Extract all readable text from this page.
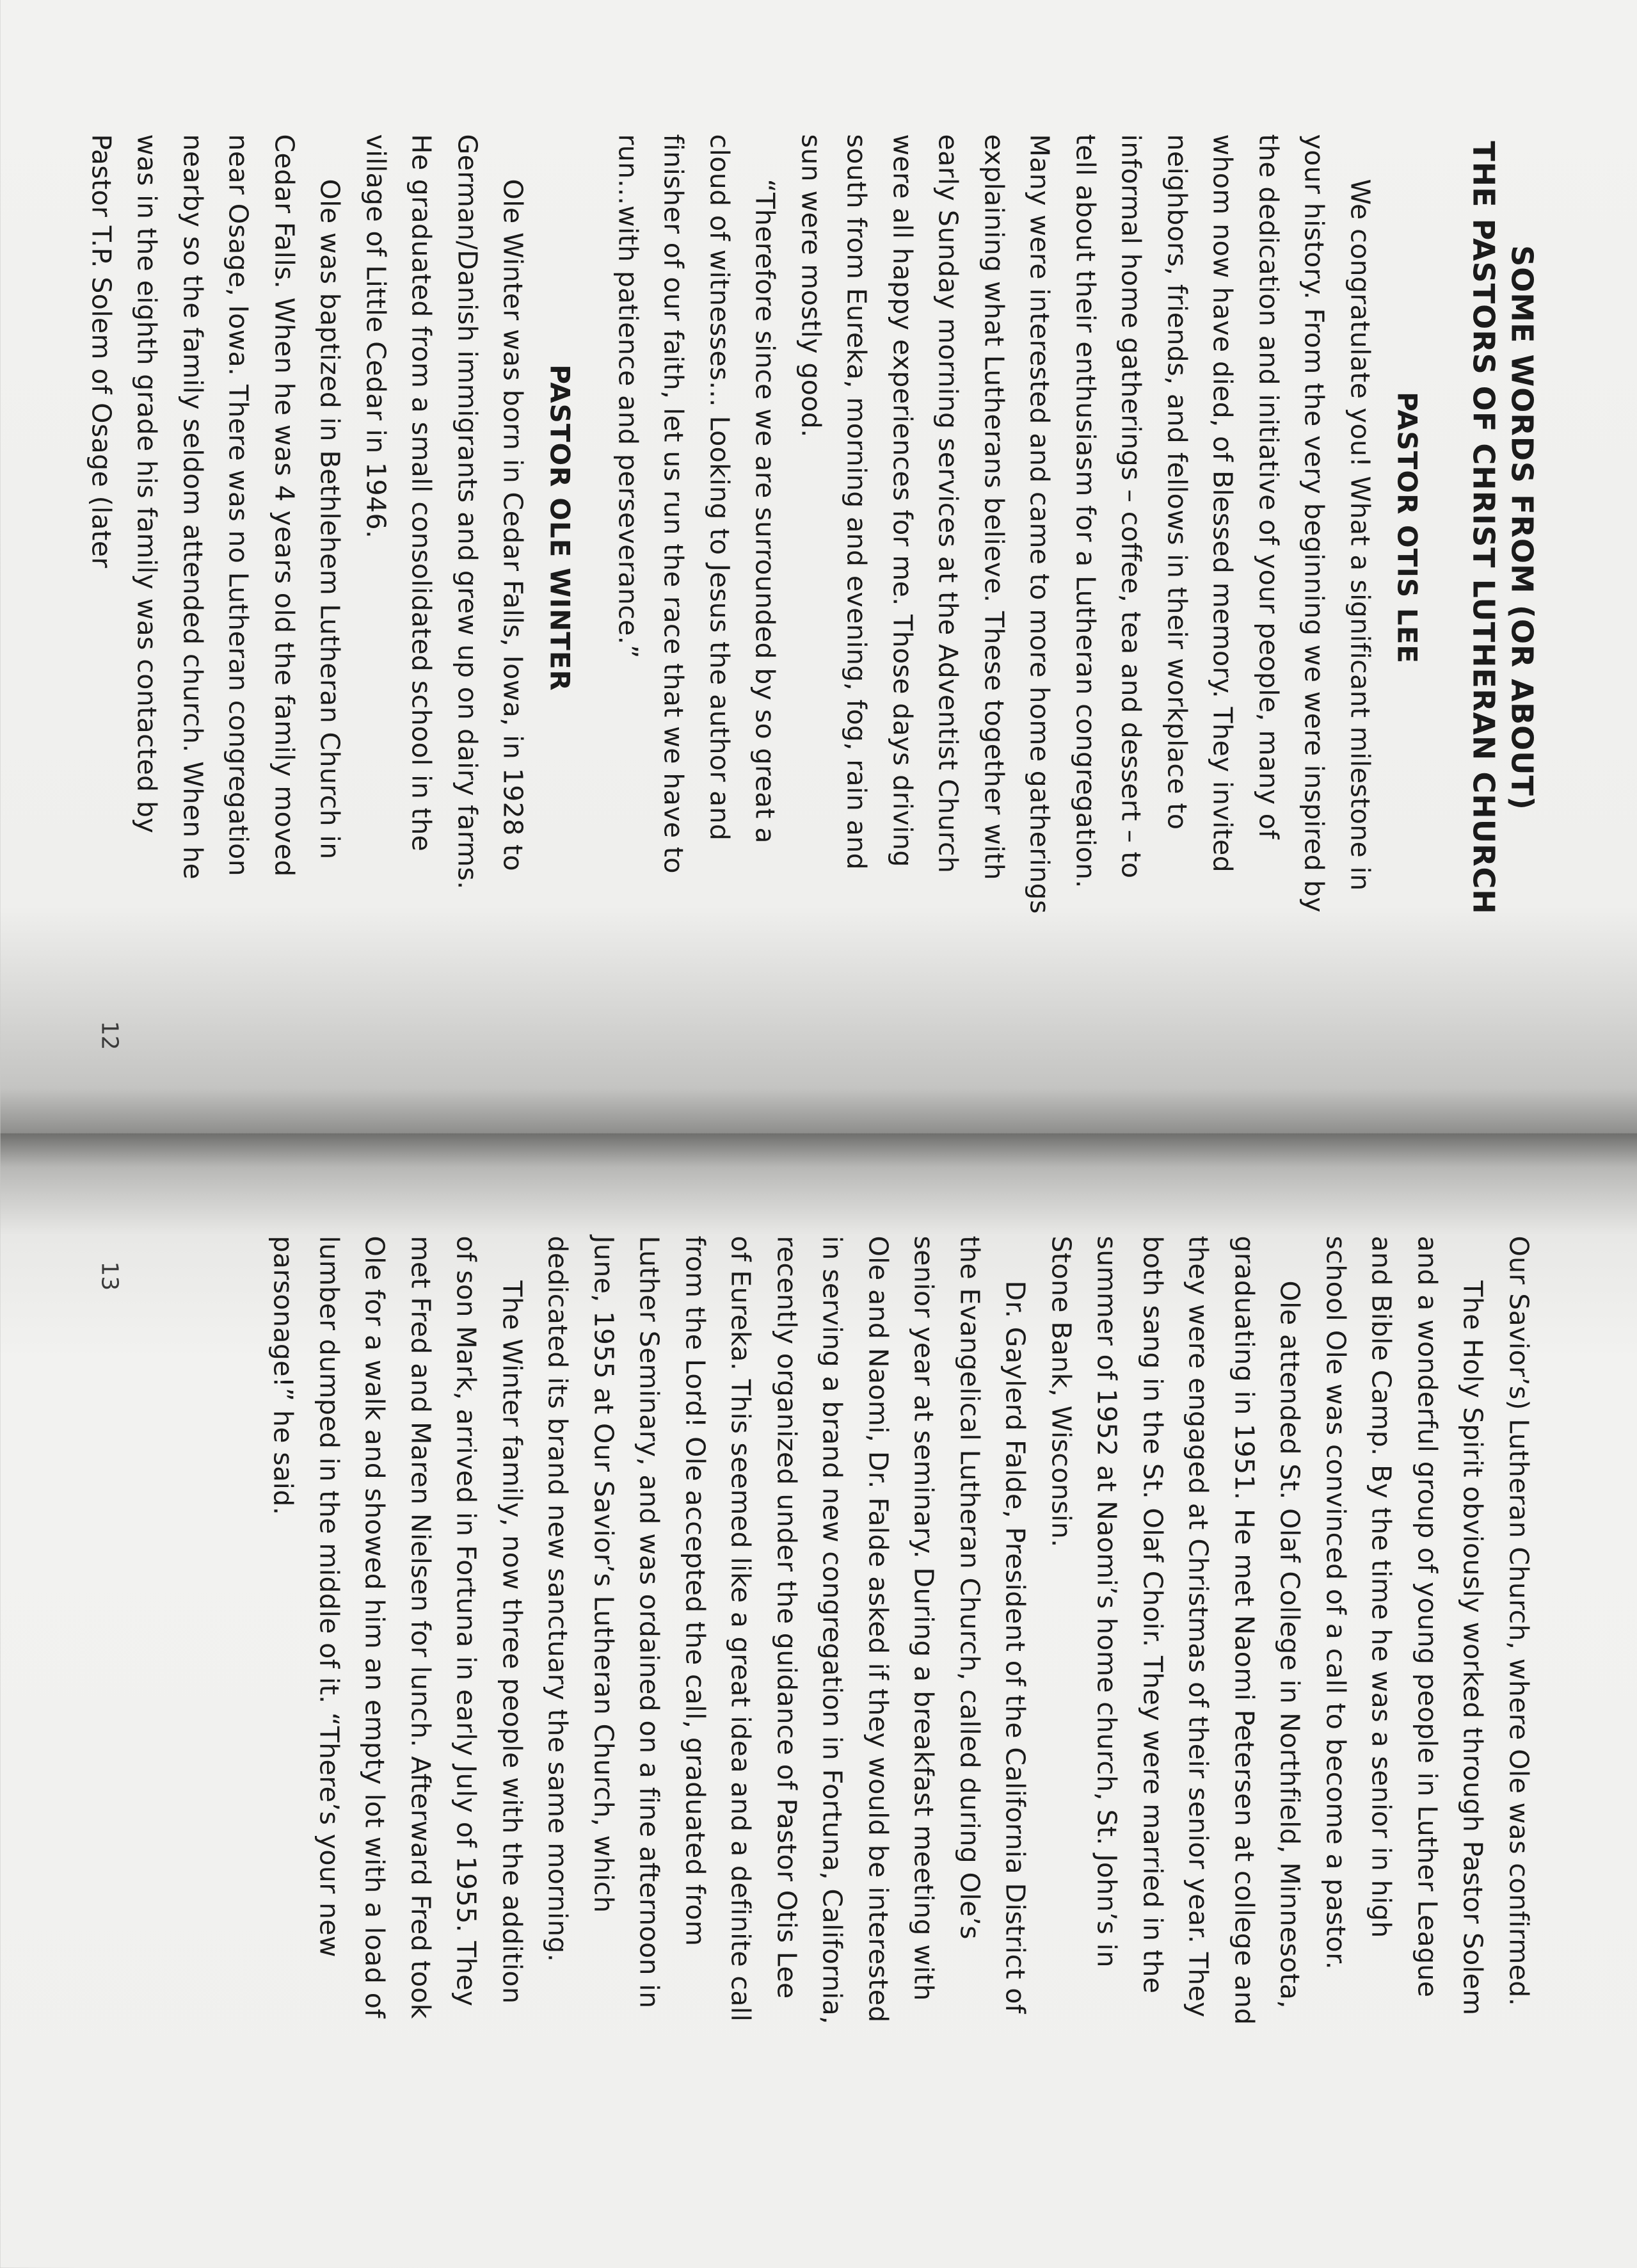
SOME WORDS FROM (OR ABOUT)

THE PASTORS OF CHRIST LUTHERAN CHURCH

PASTOR OTIS LEE

We congratulate you! What a significant milestone in your history. From the very beginning we were inspired by the dedication and initiative of your people, many of whom now have died, of Blessed memory. They invited neighbors, friends, and fellows in their workplace to informal home gatherings – coffee, tea and dessert – to tell about their enthusiasm for a Lutheran congregation. Many were interested and came to more home gatherings explaining what Lutherans believe. These together with early Sunday morning services at the Adventist Church were all happy experiences for me. Those days driving south from Eureka, morning and evening, fog, rain and sun were mostly good.

“Therefore since we are surrounded by so great a cloud of witnesses… Looking to Jesus the author and finisher of our faith, let us run the race that we have to run…with patience and perseverance.”

PASTOR OLE WINTER

Ole Winter was born in Cedar Falls, Iowa, in 1928 to German/Danish immigrants and grew up on dairy farms. He graduated from a small consolidated school in the village of Little Cedar in 1946.

Ole was baptized in Bethlehem Lutheran Church in Cedar Falls. When he was 4 years old the family moved near Osage, Iowa. There was no Lutheran congregation nearby so the family seldom attended church. When he was in the eighth grade his family was contacted by Pastor T.P. Solem of Osage (later

12

Our Savior’s) Lutheran Church, where Ole was confirmed.

The Holy Spirit obviously worked through Pastor Solem and a wonderful group of young people in Luther League and Bible Camp. By the time he was a senior in high school Ole was convinced of a call to become a pastor.

Ole attended St. Olaf College in Northfield, Minnesota, graduating in 1951. He met Naomi Petersen at college and they were engaged at Christmas of their senior year. They both sang in the St. Olaf Choir. They were married in the summer of 1952 at Naomi’s home church, St. John’s in Stone Bank, Wisconsin.

Dr. Gaylerd Falde, President of the California District of the Evangelical Lutheran Church, called during Ole’s senior year at seminary. During a breakfast meeting with Ole and Naomi, Dr. Falde asked if they would be interested in serving a brand new congregation in Fortuna, California, recently organized under the guidance of Pastor Otis Lee of Eureka. This seemed like a great idea and a definite call from the Lord! Ole accepted the call, graduated from Luther Seminary, and was ordained on a fine afternoon in June, 1955 at Our Savior’s Lutheran Church, which dedicated its brand new sanctuary the same morning.

The Winter family, now three people with the addition of son Mark, arrived in Fortuna in early July of 1955. They met Fred and Maren Nielsen for lunch. Afterward Fred took Ole for a walk and showed him an empty lot with a load of lumber dumped in the middle of it. “There’s your new parsonage!” he said.

13
